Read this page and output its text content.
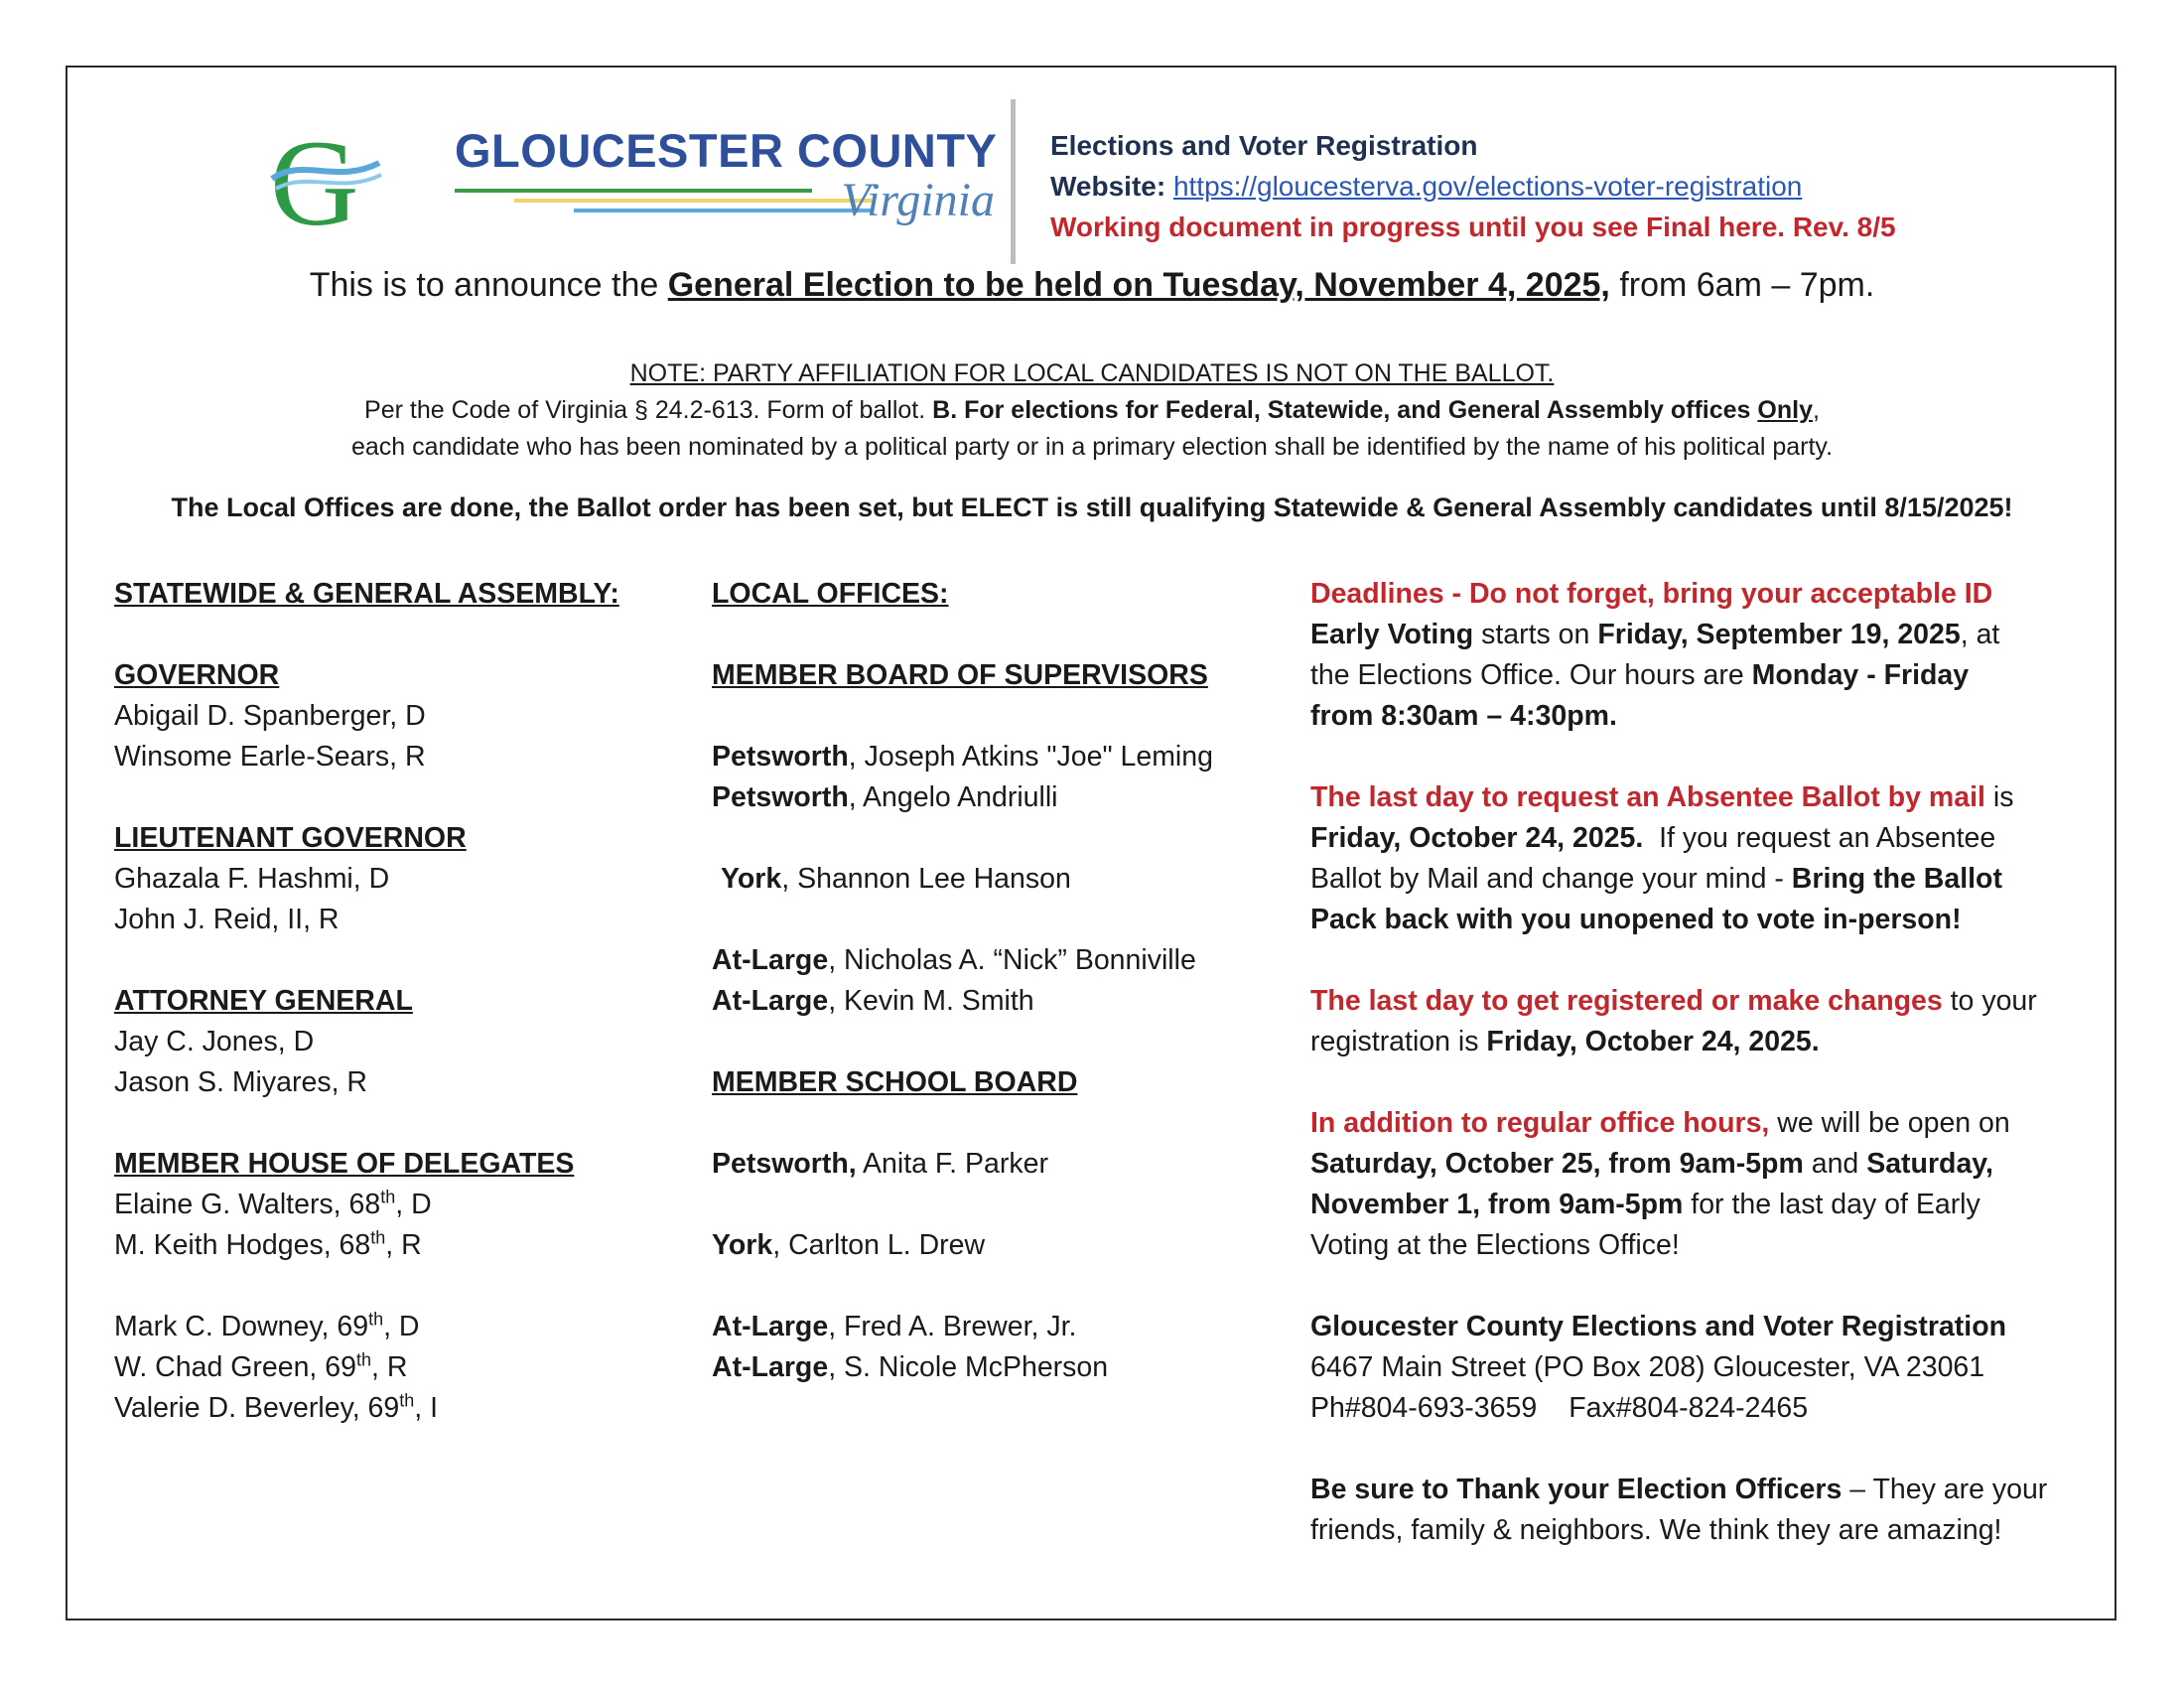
G GLOUCESTER COUNTY
Virginia
Elections and Voter Registration
Website: https://gloucesterva.gov/elections-voter-registration
Working document in progress until you see Final here. Rev. 8/5
This is to announce the General Election to be held on Tuesday, November 4, 2025, from 6am – 7pm.
NOTE: PARTY AFFILIATION FOR LOCAL CANDIDATES IS NOT ON THE BALLOT.
Per the Code of Virginia § 24.2-613. Form of ballot. B. For elections for Federal, Statewide, and General Assembly offices Only,
each candidate who has been nominated by a political party or in a primary election shall be identified by the name of his political party.
The Local Offices are done, the Ballot order has been set, but ELECT is still qualifying Statewide & General Assembly candidates until 8/15/2025!
STATEWIDE & GENERAL ASSEMBLY:
GOVERNOR
Abigail D. Spanberger, D
Winsome Earle-Sears, R
LIEUTENANT GOVERNOR
Ghazala F. Hashmi, D
John J. Reid, II, R
ATTORNEY GENERAL
Jay C. Jones, D
Jason S. Miyares, R
MEMBER HOUSE OF DELEGATES
Elaine G. Walters, 68th, D
M. Keith Hodges, 68th, R
Mark C. Downey, 69th, D
W. Chad Green, 69th, R
Valerie D. Beverley, 69th, I
LOCAL OFFICES:
MEMBER BOARD OF SUPERVISORS
Petsworth, Joseph Atkins "Joe" Leming
Petsworth, Angelo Andriulli
York, Shannon Lee Hanson
At-Large, Nicholas A. “Nick” Bonniville
At-Large, Kevin M. Smith
MEMBER SCHOOL BOARD
Petsworth, Anita F. Parker
York, Carlton L. Drew
At-Large, Fred A. Brewer, Jr.
At-Large, S. Nicole McPherson
Deadlines - Do not forget, bring your acceptable ID
Early Voting starts on Friday, September 19, 2025, at
the Elections Office. Our hours are Monday - Friday
from 8:30am – 4:30pm.
The last day to request an Absentee Ballot by mail is
Friday, October 24, 2025.  If you request an Absentee
Ballot by Mail and change your mind - Bring the Ballot
Pack back with you unopened to vote in-person!
The last day to get registered or make changes to your
registration is Friday, October 24, 2025.
In addition to regular office hours, we will be open on
Saturday, October 25, from 9am-5pm and Saturday,
November 1, from 9am-5pm for the last day of Early
Voting at the Elections Office!
Gloucester County Elections and Voter Registration
6467 Main Street (PO Box 208) Gloucester, VA 23061
Ph#804-693-3659 Fax#804-824-2465
Be sure to Thank your Election Officers – They are your
friends, family & neighbors. We think they are amazing!
